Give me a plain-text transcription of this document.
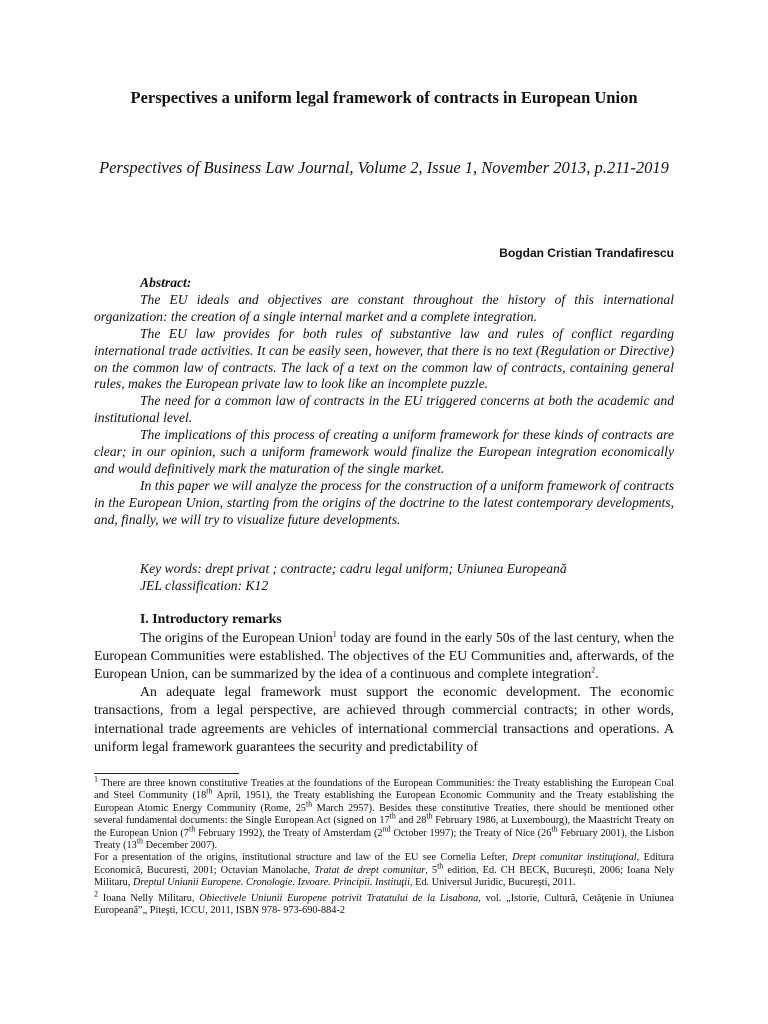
Perspectives a uniform legal framework of contracts in European Union
Perspectives of Business Law Journal, Volume 2, Issue 1, November 2013, p.211-2019
Bogdan Cristian Trandafirescu
Abstract:

The EU ideals and objectives are constant throughout the history of this international organization: the creation of a single internal market and a complete integration.

The EU law provides for both rules of substantive law and rules of conflict regarding international trade activities. It can be easily seen, however, that there is no text (Regulation or Directive) on the common law of contracts. The lack of a text on the common law of contracts, containing general rules, makes the European private law to look like an incomplete puzzle.

The need for a common law of contracts in the EU triggered concerns at both the academic and institutional level.

The implications of this process of creating a uniform framework for these kinds of contracts are clear; in our opinion, such a uniform framework would finalize the European integration economically and would definitively mark the maturation of the single market.

In this paper we will analyze the process for the construction of a uniform framework of contracts in the European Union, starting from the origins of the doctrine to the latest contemporary developments, and, finally, we will try to visualize future developments.

Key words: drept privat ; contracte; cadru legal uniform; Uniunea Europeană
JEL classification: K12
I. Introductory remarks

The origins of the European Union$^1$ today are found in the early 50s of the last century, when the European Communities were established. The objectives of the EU Communities and, afterwards, of the European Union, can be summarized by the idea of a continuous and complete integration$^2$.

An adequate legal framework must support the economic development. The economic transactions, from a legal perspective, are achieved through commercial contracts; in other words, international trade agreements are vehicles of international commercial transactions and operations. A uniform legal framework guarantees the security and predictability of

$^1$ There are three known constitutive Treaties at the foundations of the European Communities: the Treaty establishing the European Coal and Steel Community (18th April, 1951), the Treaty establishing the European Economic Community and the Treaty establishing the European Atomic Energy Community (Rome, 25th March 2957). Besides these constitutive Treaties, there should be mentioned other several fundamental documents: the Single European Act (signed on 17th and 28th February 1986, at Luxembourg), the Maastricht Treaty on the European Union (7th February 1992), the Treaty of Amsterdam (2nd October 1997); the Treaty of Nice (26th February 2001), the Lisbon Treaty (13th December 2007).

For a presentation of the origins, institutional structure and law of the EU see Cornelia Lefter, Drept comunitar instituţional, Editura Economică, Bucuresti, 2001; Octavian Manolache, Tratat de drept comunitar, 5th edition, Ed. CH BECK, Bucureşti, 2006; Ioana Nely Militaru, Dreptul Uniunii Europene. Cronologie. Izvoare. Principii. Instituţii, Ed. Universul Juridic, Bucureşti, 2011.

$^2$ Ioana Nelly Militaru, Obiectivele Uniunii Europene potrivit Tratatului de la Lisabona, vol. „Istorie, Cultură, Cetăţenie în Uniunea Europeană”„ Piteşti, ICCU, 2011, ISBN 978- 973-690-884-2
